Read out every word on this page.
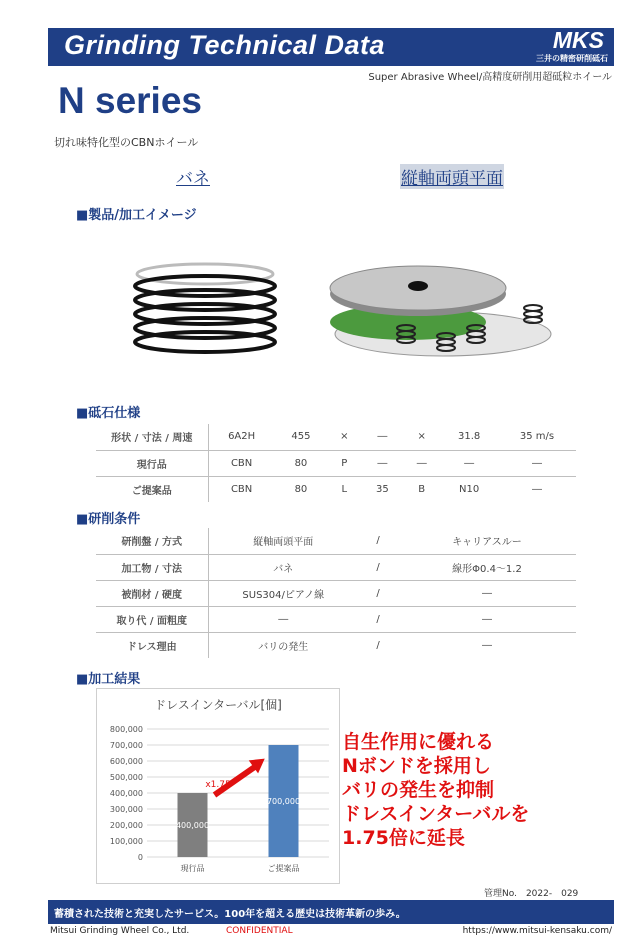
Grinding Technical Data	MKS
三井の精密研削砥石
Super Abrasive Wheel/高精度研削用超砥粒ホイール
N series
切れ味特化型のCBNホイール
バネ	縦軸両頭平面
■製品/加工イメージ
■砥石仕様
形状 / 寸法 / 周速	6A2H	455	×	―	×	31.8	35 m/s
現行品	CBN	80	P	―	―	―	―
ご提案品	CBN	80	L	35	B	N10	―
■研削条件
研削盤 / 方式	縦軸両頭平面	/	キャリアスルー
加工物 / 寸法	バネ	/	線形Φ0.4～1.2
被削材 / 硬度	SUS304/ピアノ線	/	―
取り代 / 面粗度	―	/	―
ドレス理由	バリの発生	/	―
■加工結果
ドレスインターバル[個]
0
100,000
200,000
300,000
400,000
500,000
600,000
700,000
800,000
400,000
現行品
700,000
ご提案品
x1.75
自生作用に優れる
Nボンドを採用し
バリの発生を抑制
ドレスインターバルを
1.75倍に延長
管理No.　2022-　029
蓄積された技術と充実したサービス。100年を超える歴史は技術革新の歩み。
Mitsui Grinding Wheel Co., Ltd.	CONFIDENTIAL	https://www.mitsui-kensaku.com/
